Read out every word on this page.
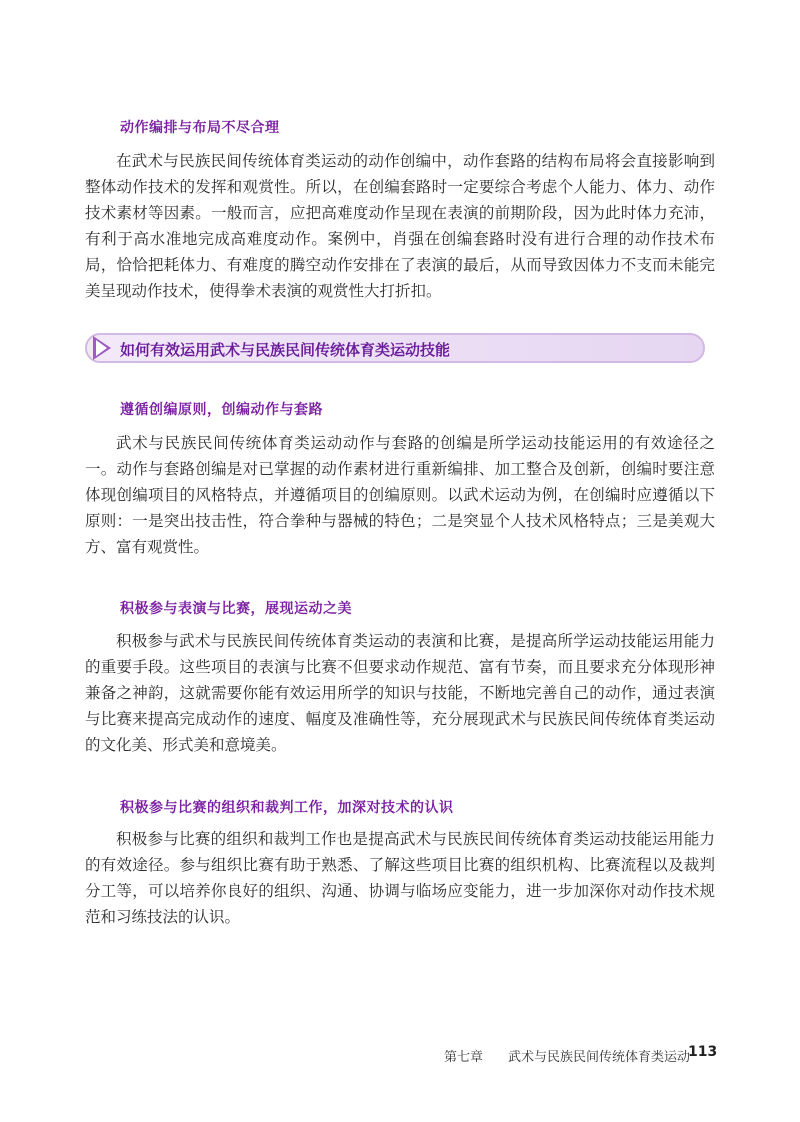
动作编排与布局不尽合理

在武术与民族民间传统体育类运动的动作创编中，动作套路的结构布局将会直接影响到整体动作技术的发挥和观赏性。所以，在创编套路时一定要综合考虑个人能力、体力、动作技术素材等因素。一般而言，应把高难度动作呈现在表演的前期阶段，因为此时体力充沛，有利于高水准地完成高难度动作。案例中，肖强在创编套路时没有进行合理的动作技术布局，恰恰把耗体力、有难度的腾空动作安排在了表演的最后，从而导致因体力不支而未能完美呈现动作技术，使得拳术表演的观赏性大打折扣。

如何有效运用武术与民族民间传统体育类运动技能
遵循创编原则，创编动作与套路

武术与民族民间传统体育类运动动作与套路的创编是所学运动技能运用的有效途径之一。动作与套路创编是对已掌握的动作素材进行重新编排、加工整合及创新，创编时要注意体现创编项目的风格特点，并遵循项目的创编原则。以武术运动为例，在创编时应遵循以下原则：一是突出技击性，符合拳种与器械的特色；二是突显个人技术风格特点；三是美观大方、富有观赏性。

积极参与表演与比赛，展现运动之美

积极参与武术与民族民间传统体育类运动的表演和比赛，是提高所学运动技能运用能力的重要手段。这些项目的表演与比赛不但要求动作规范、富有节奏，而且要求充分体现形神兼备之神韵，这就需要你能有效运用所学的知识与技能，不断地完善自己的动作，通过表演与比赛来提高完成动作的速度、幅度及准确性等，充分展现武术与民族民间传统体育类运动的文化美、形式美和意境美。

积极参与比赛的组织和裁判工作，加深对技术的认识

积极参与比赛的组织和裁判工作也是提高武术与民族民间传统体育类运动技能运用能力的有效途径。参与组织比赛有助于熟悉、了解这些项目比赛的组织机构、比赛流程以及裁判分工等，可以培养你良好的组织、沟通、协调与临场应变能力，进一步加深你对动作技术规范和习练技法的认识。

第七章 武术与民族民间传统体育类运动
113
